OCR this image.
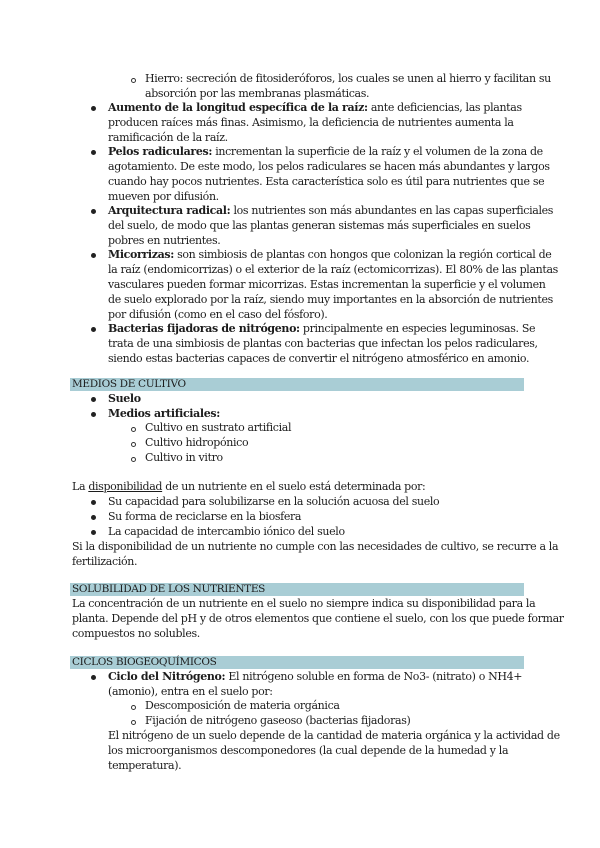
Hierro: secreción de fitosideróforos, los cuales se unen al hierro y facilitan su
absorción por las membranas plasmáticas.
Aumento de la longitud específica de la raíz: ante deficiencias, las plantas
producen raíces más finas. Asimismo, la deficiencia de nutrientes aumenta la
ramificación de la raíz.
Pelos radiculares: incrementan la superficie de la raíz y el volumen de la zona de
agotamiento. De este modo, los pelos radiculares se hacen más abundantes y largos
cuando hay pocos nutrientes. Esta característica solo es útil para nutrientes que se
mueven por difusión.
Arquitectura radical: los nutrientes son más abundantes en las capas superficiales
del suelo, de modo que las plantas generan sistemas más superficiales en suelos
pobres en nutrientes.
Micorrizas: son simbiosis de plantas con hongos que colonizan la región cortical de
la raíz (endomicorrizas) o el exterior de la raíz (ectomicorrizas). El 80% de las plantas
vasculares pueden formar micorrizas. Estas incrementan la superficie y el volumen
de suelo explorado por la raíz, siendo muy importantes en la absorción de nutrientes
por difusión (como en el caso del fósforo).
Bacterias fijadoras de nitrógeno: principalmente en especies leguminosas. Se
trata de una simbiosis de plantas con bacterias que infectan los pelos radiculares,
siendo estas bacterias capaces de convertir el nitrógeno atmosférico en amonio.
MEDIOS DE CULTIVO
Suelo
Medios artificiales:
Cultivo en sustrato artificial
Cultivo hidropónico
Cultivo in vitro
La disponibilidad de un nutriente en el suelo está determinada por:
Su capacidad para solubilizarse en la solución acuosa del suelo
Su forma de reciclarse en la biosfera
La capacidad de intercambio iónico del suelo
Si la disponibilidad de un nutriente no cumple con las necesidades de cultivo, se recurre a la
fertilización.
SOLUBILIDAD DE LOS NUTRIENTES
La concentración de un nutriente en el suelo no siempre indica su disponibilidad para la
planta. Depende del pH y de otros elementos que contiene el suelo, con los que puede formar
compuestos no solubles.
CICLOS BIOGEOQUÍMICOS
Ciclo del Nitrógeno: El nitrógeno soluble en forma de No3- (nitrato) o NH4+
(amonio), entra en el suelo por:
Descomposición de materia orgánica
Fijación de nitrógeno gaseoso (bacterias fijadoras)
El nitrógeno de un suelo depende de la cantidad de materia orgánica y la actividad de
los microorganismos descomponedores (la cual depende de la humedad y la
temperatura).
